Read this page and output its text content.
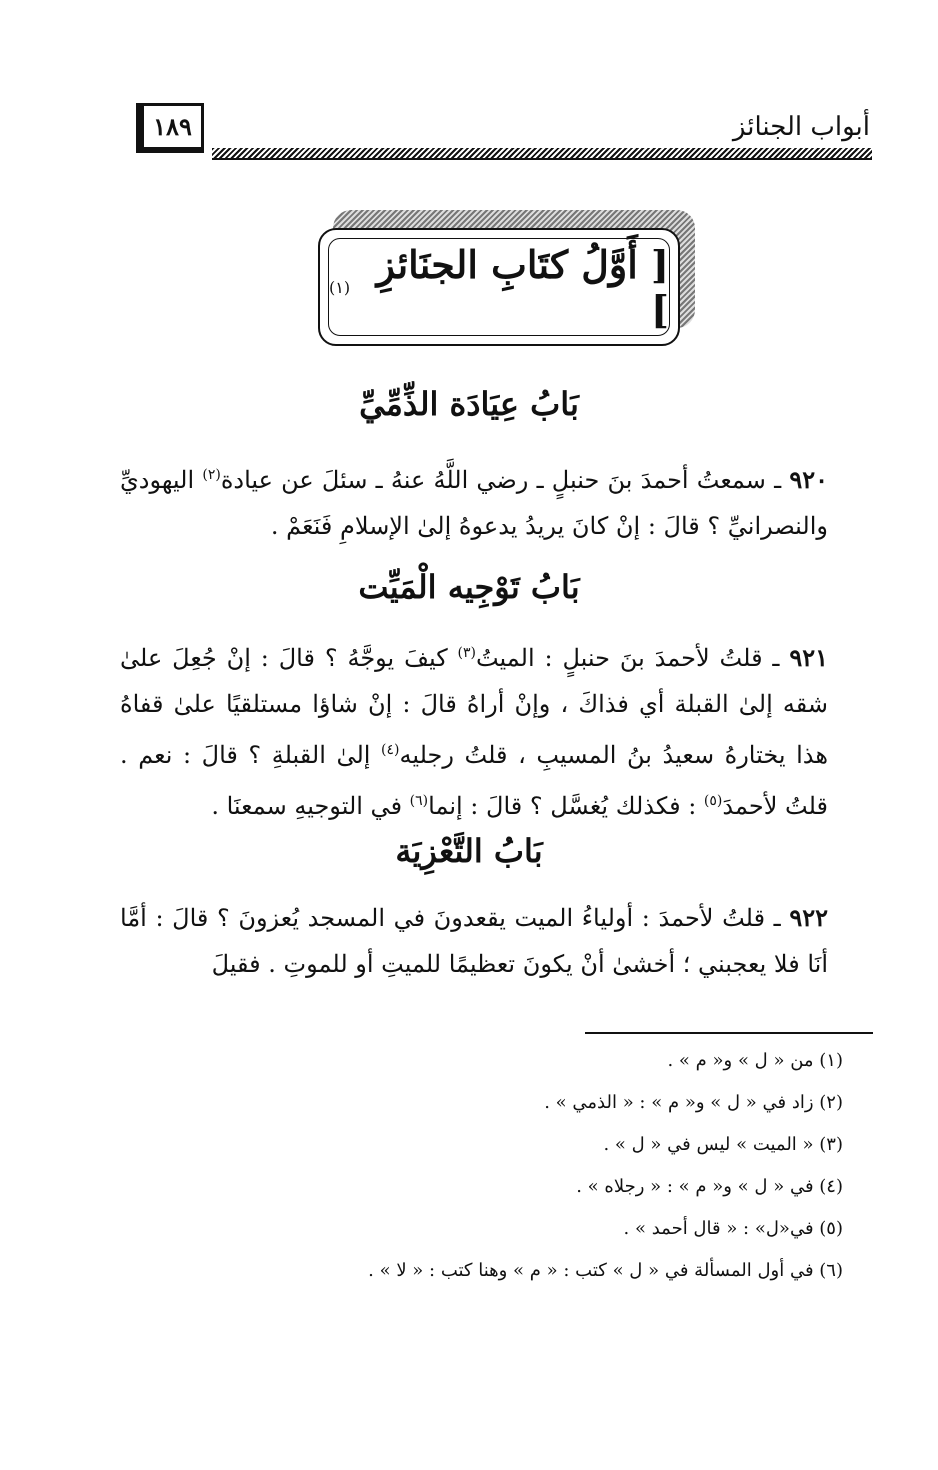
١٨٩	أبواب الجنائز
[ أَوَّلُ كتَابِ الجنَائزِ ]
(١)
بَابُ عِيَادَة الذِّمِّيِّ
٩٢٠ ـ سمعتُ أحمدَ بنَ حنبلٍ ـ رضي اللَّهُ عنهُ ـ سئلَ عن عيادة$^{(٢)}$ اليهوديِّ والنصرانيِّ ؟ قالَ : إنْ كانَ يريدُ يدعوهُ إلىٰ الإسلامِ فَنَعَمْ .
بَابُ تَوْجِيه الْمَيِّت
٩٢١ ـ قلتُ لأحمدَ بنَ حنبلٍ : الميتُ$^{(٣)}$ كيفَ يوجَّهُ ؟ قالَ : إنْ جُعِلَ علىٰ شقه إلىٰ القبلة أي فذاكَ ، وإنْ أراهُ قالَ : إنْ شاؤا مستلقيًا علىٰ قفاهُ هذا يختارهُ سعيدُ بنُ المسيبِ ، قلتُ رجليه$^{(٤)}$ إلىٰ القبلةِ ؟ قالَ : نعم . قلتُ لأحمدَ$^{(٥)}$ : فكذلك يُغسَّل ؟ قالَ : إنما$^{(٦)}$ في التوجيهِ سمعنَا .
بَابُ التَّعْزِيَة
٩٢٢ ـ قلتُ لأحمدَ : أولياءُ الميت يقعدونَ في المسجد يُعزونَ ؟ قالَ : أمَّا أنَا فلا يعجبني ؛ أخشىٰ أنْ يكونَ تعظيمًا للميتِ أو للموتِ . فقيلَ
(١) من « ل » و« م » .
(٢) زاد في « ل » و« م » : « الذمي » .
(٣) « الميت » ليس في « ل » .
(٤) في « ل » و« م » : « رجلاه » .
(٥) في«ل» : « قال أحمد » .
(٦) في أول المسألة في « ل » كتب : « م » وهنا كتب : « لا » .
